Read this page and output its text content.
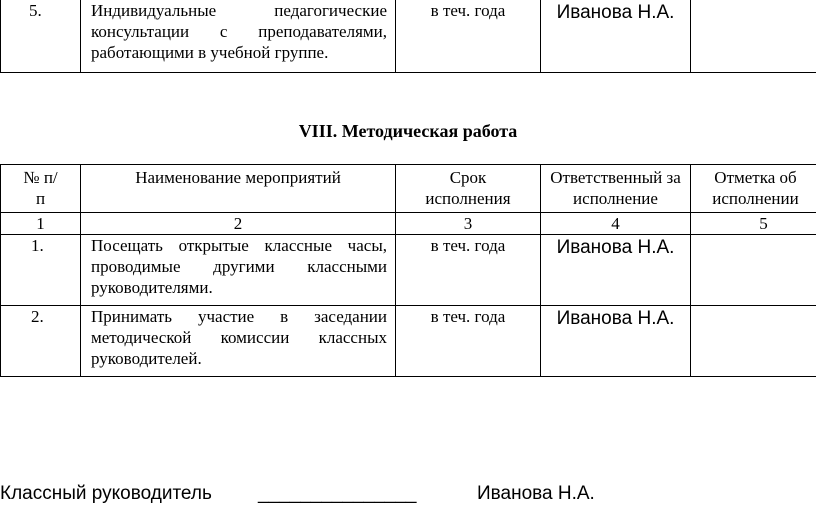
5.	Индивидуальные педагогические консультации с преподавателями, работающими в учебной группе.	в теч. года	Иванова Н.А.	
VIII. Методическая работа
№ п/п	Наименование мероприятий	Срок исполнения	Ответственный за исполнение	Отметка об исполнении
1	2	3	4	5
1.	Посещать открытые классные часы, проводимые другими классными руководителями.	в теч. года	Иванова Н.А.	
2.	Принимать участие в заседании методической комиссии классных руководителей.	в теч. года	Иванова Н.А.	
Классный руководитель _______________	Иванова Н.А.
